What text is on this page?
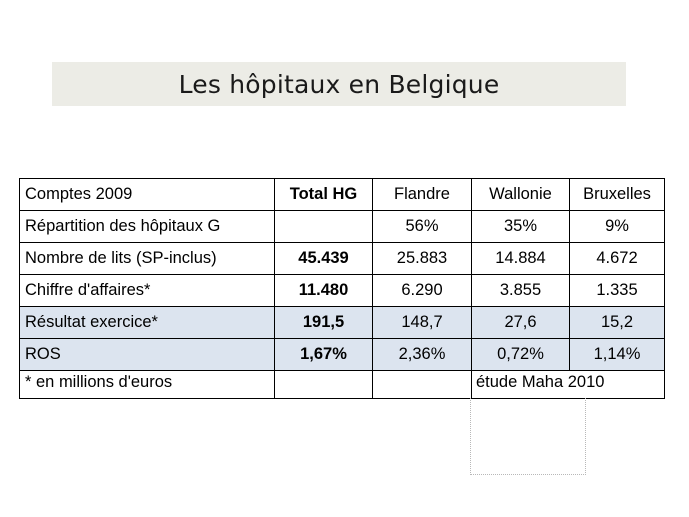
Les hôpitaux en Belgique
Comptes 2009	Total HG	Flandre	Wallonie	Bruxelles
Répartition des hôpitaux G		56%	35%	9%
Nombre de lits (SP-inclus)	45.439	25.883	14.884	4.672
Chiffre d'affaires*	11.480	6.290	3.855	1.335
Résultat exercice*	191,5	148,7	27,6	15,2
ROS	1,67%	2,36%	0,72%	1,14%
* en millions d'euros			étude Maha 2010	
